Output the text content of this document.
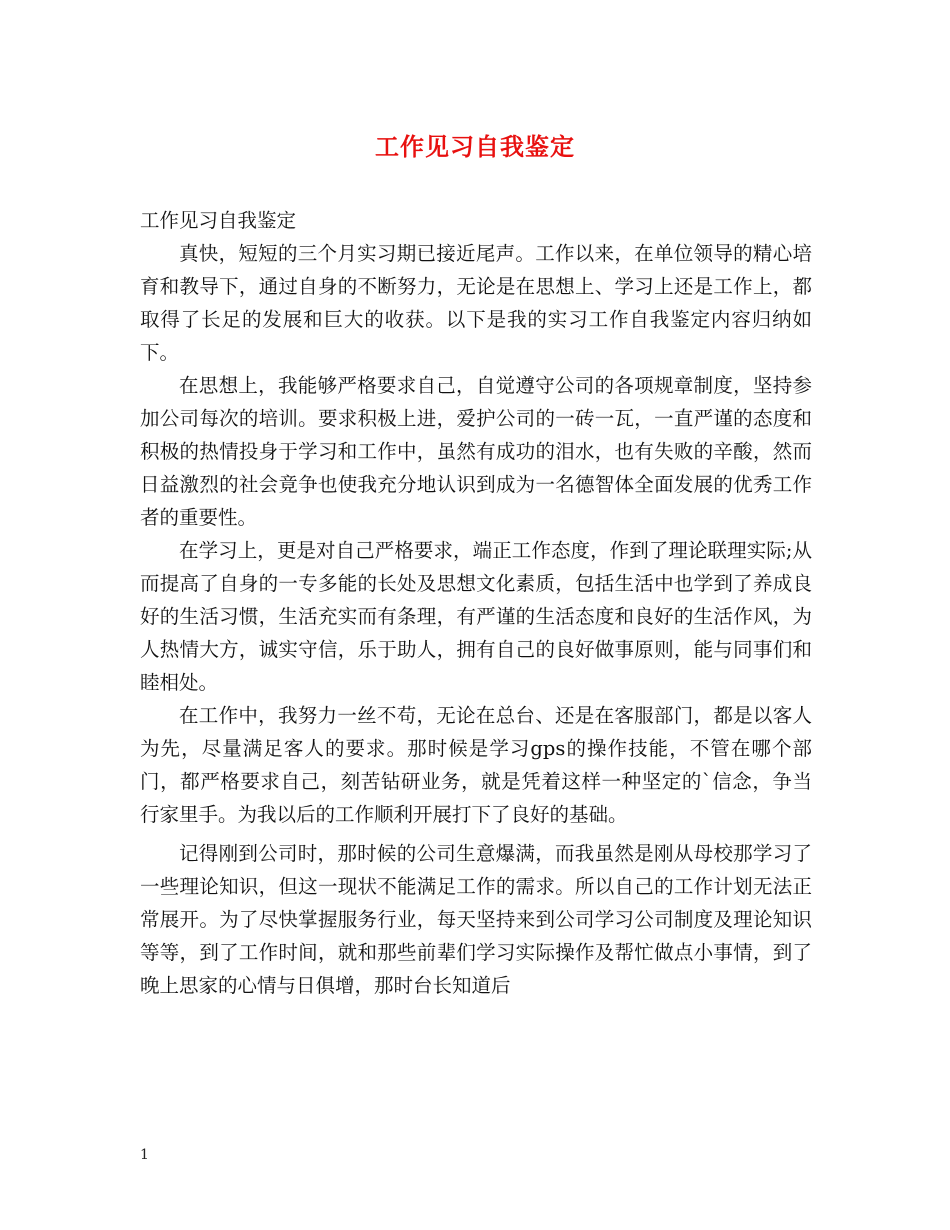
工作见习自我鉴定

工作见习自我鉴定

真快，短短的三个月实习期已接近尾声。工作以来，在单位领导的精心培育和教导下，通过自身的不断努力，无论是在思想上、学习上还是工作上，都取得了长足的发展和巨大的收获。以下是我的实习工作自我鉴定内容归纳如下。

在思想上，我能够严格要求自己，自觉遵守公司的各项规章制度，坚持参加公司每次的培训。要求积极上进，爱护公司的一砖一瓦，一直严谨的态度和积极的热情投身于学习和工作中，虽然有成功的泪水，也有失败的辛酸，然而日益激烈的社会竟争也使我充分地认识到成为一名德智体全面发展的优秀工作者的重要性。

在学习上，更是对自己严格要求，端正工作态度，作到了理论联理实际;从而提高了自身的一专多能的长处及思想文化素质，包括生活中也学到了养成良好的生活习惯，生活充实而有条理，有严谨的生活态度和良好的生活作风，为人热情大方，诚实守信，乐于助人，拥有自己的良好做事原则，能与同事们和睦相处。

在工作中，我努力一丝不苟，无论在总台、还是在客服部门，都是以客人为先，尽量满足客人的要求。那时候是学习gps的操作技能，不管在哪个部门，都严格要求自己，刻苦钻研业务，就是凭着这样一种坚定的`信念，争当行家里手。为我以后的工作顺利开展打下了良好的基础。

记得刚到公司时，那时候的公司生意爆满，而我虽然是刚从母校那学习了一些理论知识，但这一现状不能满足工作的需求。所以自己的工作计划无法正常展开。为了尽快掌握服务行业，每天坚持来到公司学习公司制度及理论知识等等，到了工作时间，就和那些前辈们学习实际操作及帮忙做点小事情，到了晚上思家的心情与日俱增，那时台长知道后

1
